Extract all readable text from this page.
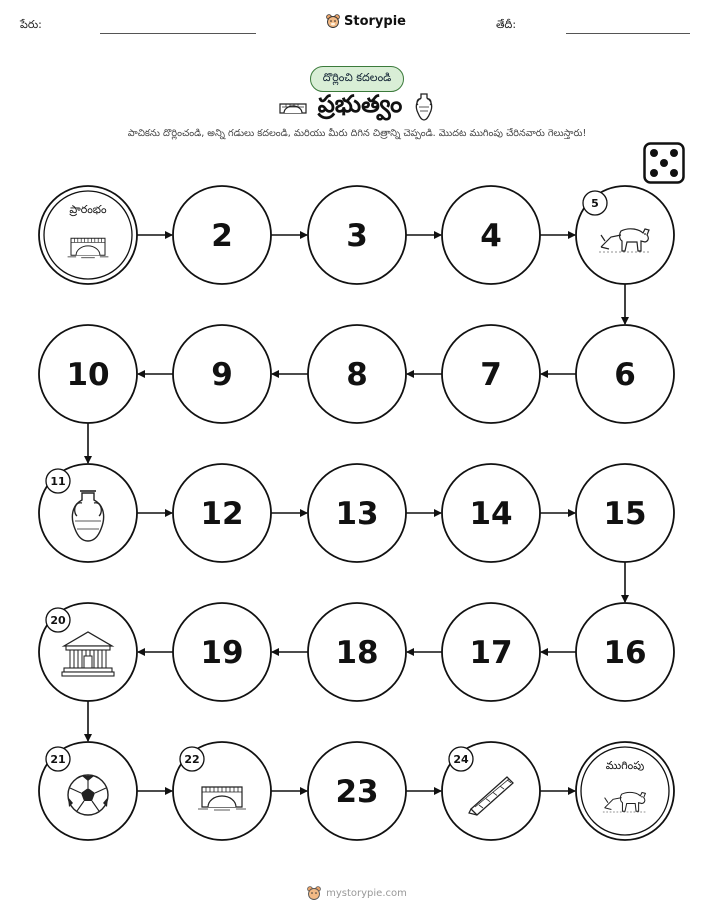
పేరు:	Storypie	తేదీ:
దొర్లించి కదలండి
ప్రభుత్వం
పాచికను దొర్లించండి, అన్ని గడులు కదలండి, మరియు మీరు దిగిన చిత్రాన్ని చెప్పండి. మొదట ముగింపు చేరినవారు గెలుస్తారు!
ప్రారంభం
2	3	4
5
6
7
8
9
10
11
12	13	14	15
16
17
18
19
20
21	22
23
24	ముగింపు
mystorypie.com
